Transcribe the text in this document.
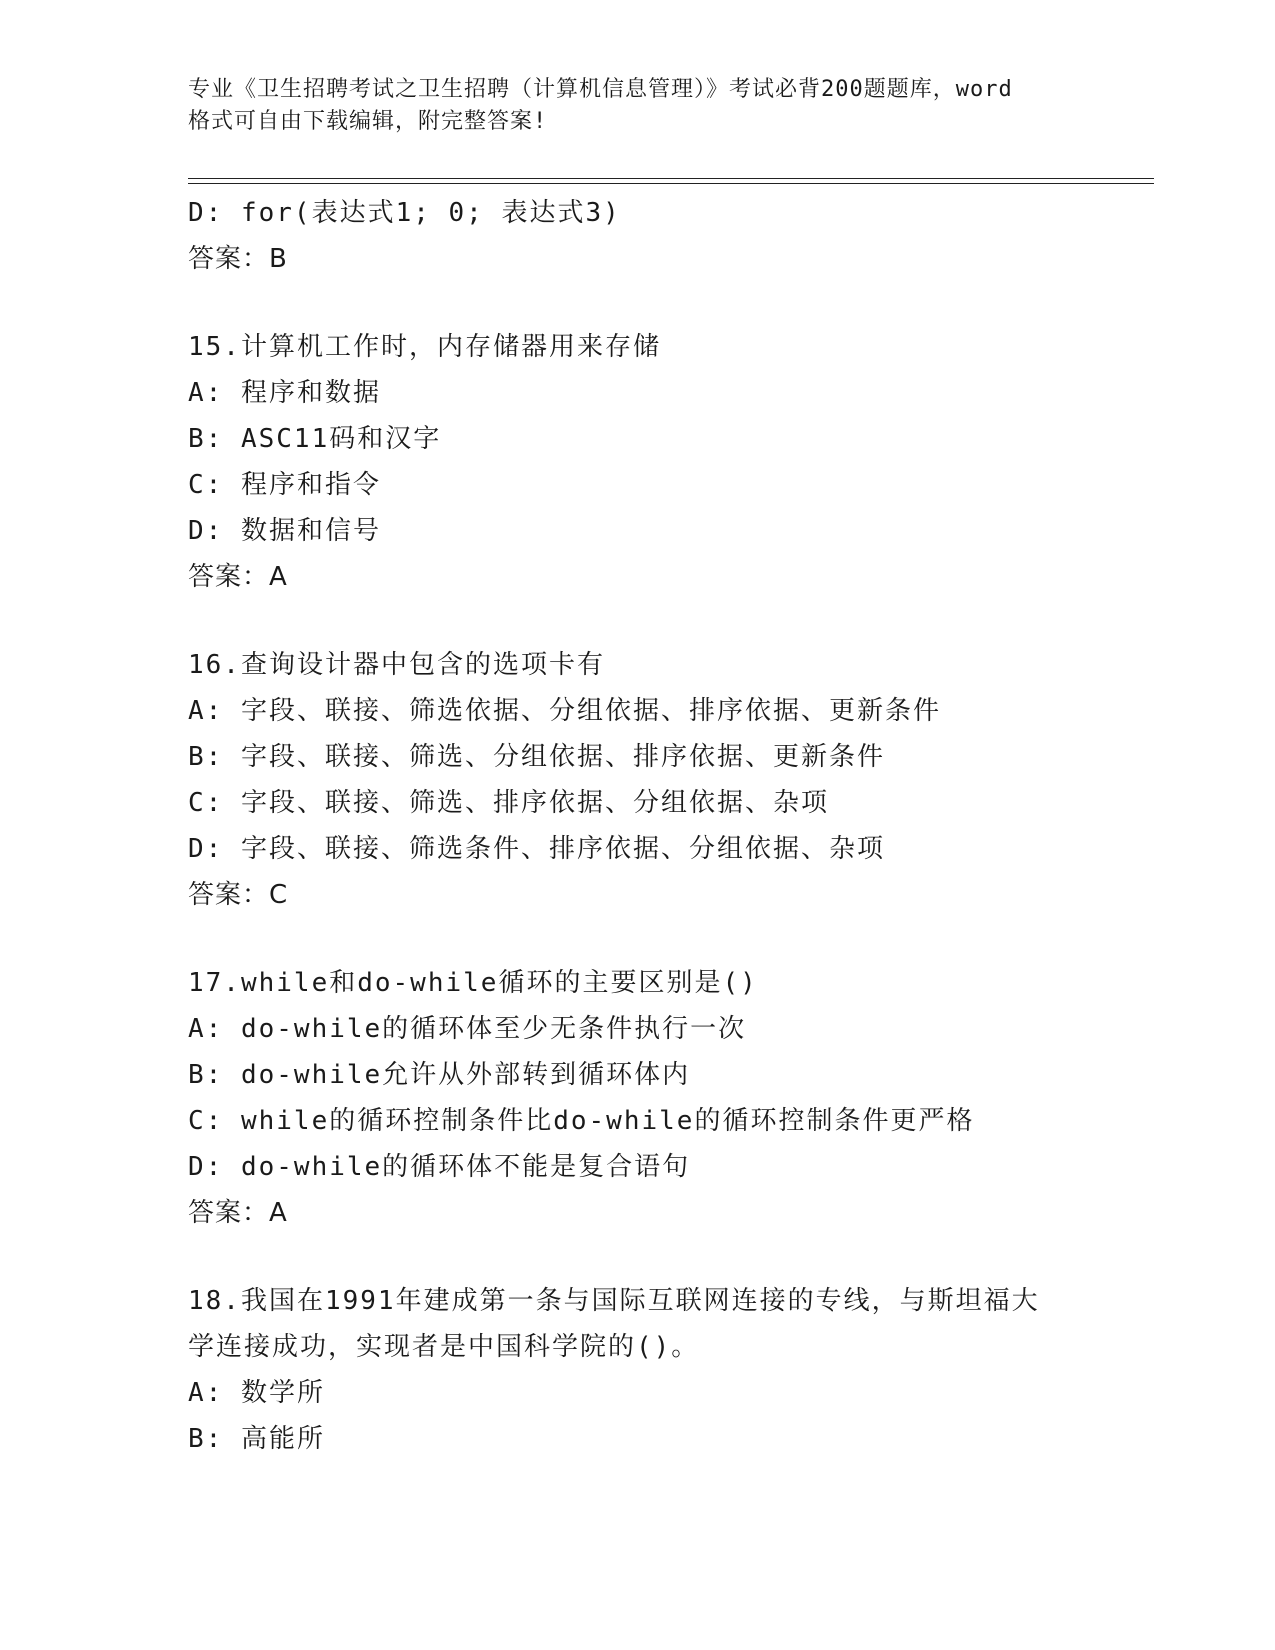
专业《卫生招聘考试之卫生招聘（计算机信息管理）》考试必背200题题库，word
格式可自由下载编辑，附完整答案!
D: for(表达式1; 0; 表达式3)
答案：B
15.计算机工作时，内存储器用来存储
A: 程序和数据
B: ASC11码和汉字
C: 程序和指令
D: 数据和信号
答案：A
16.查询设计器中包含的选项卡有
A: 字段、联接、筛选依据、分组依据、排序依据、更新条件
B: 字段、联接、筛选、分组依据、排序依据、更新条件
C: 字段、联接、筛选、排序依据、分组依据、杂项
D: 字段、联接、筛选条件、排序依据、分组依据、杂项
答案：C
17.while和do-while循环的主要区别是()
A: do-while的循环体至少无条件执行一次
B: do-while允许从外部转到循环体内
C: while的循环控制条件比do-while的循环控制条件更严格
D: do-while的循环体不能是复合语句
答案：A
18.我国在1991年建成第一条与国际互联网连接的专线，与斯坦福大
学连接成功，实现者是中国科学院的()。
A: 数学所
B: 高能所
